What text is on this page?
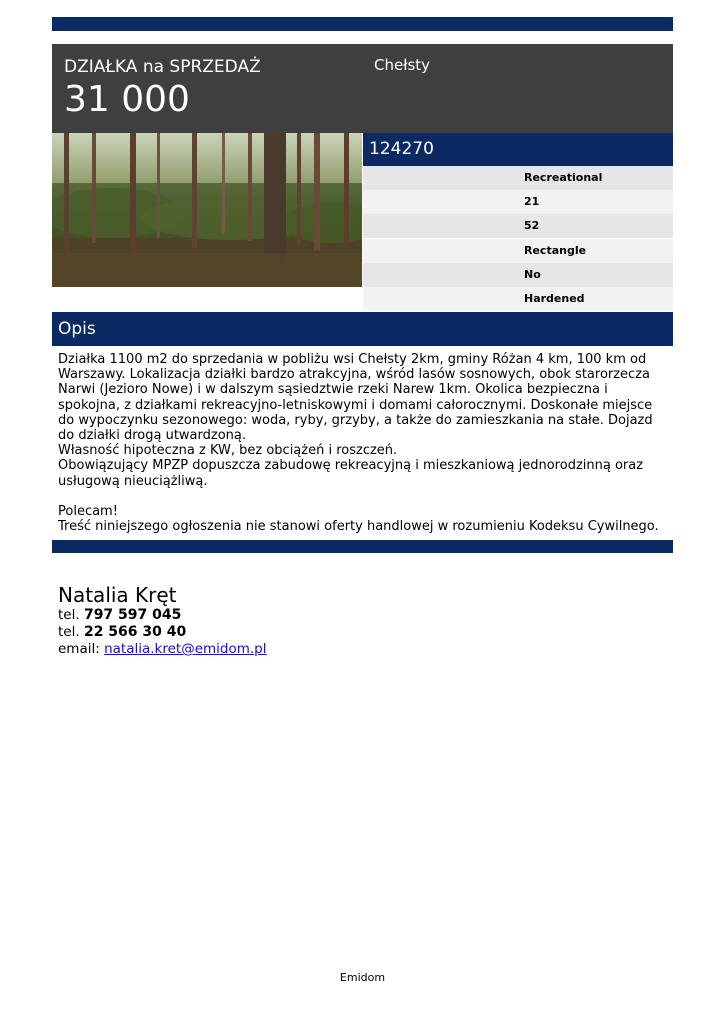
DZIAŁKA na SPRZEDAŻ
31 000
Chełsty
124270
Recreational
21
52
Rectangle
No
Hardened
Opis
Działka 1100 m2 do sprzedania w pobliżu wsi Chełsty 2km, gminy Różan 4 km, 100 km od Warszawy. Lokalizacja działki bardzo atrakcyjna, wśród lasów sosnowych, obok starorzecza Narwi (Jezioro Nowe) i w dalszym sąsiedztwie rzeki Narew 1km. Okolica bezpieczna i spokojna, z działkami rekreacyjno-letniskowymi i domami całorocznymi. Doskonałe miejsce do wypoczynku sezonowego: woda, ryby, grzyby, a także do zamieszkania na stałe. Dojazd do działki drogą utwardzoną.
Własność hipoteczna z KW, bez obciążeń i roszczeń.
Obowiązujący MPZP dopuszcza zabudowę rekreacyjną i mieszkaniową jednorodzinną oraz usługową nieuciążliwą.

Polecam!
Treść niniejszego ogłoszenia nie stanowi oferty handlowej w rozumieniu Kodeksu Cywilnego.
Natalia Kręt
tel. 797 597 045
tel. 22 566 30 40
email: natalia.kret@emidom.pl
Emidom
